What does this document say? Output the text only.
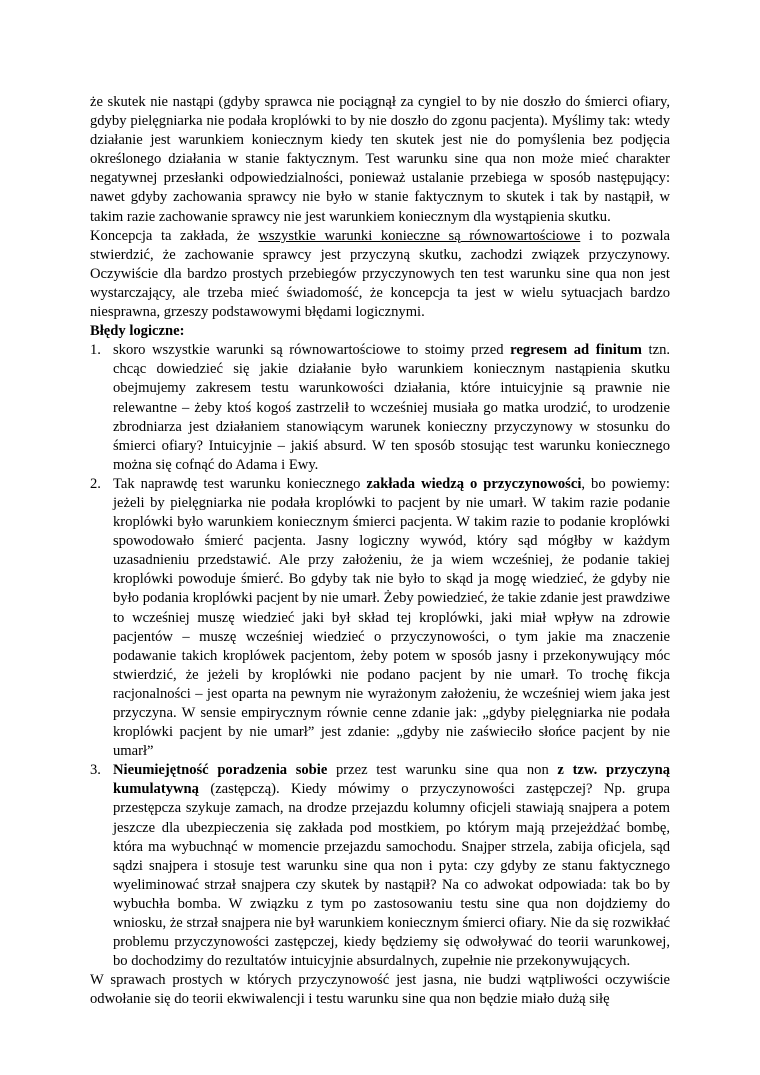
że skutek nie nastąpi (gdyby sprawca nie pociągnął za cyngiel to by nie doszło do śmierci ofiary, gdyby pielęgniarka nie podała kroplówki to by nie doszło do zgonu pacjenta). Myślimy tak: wtedy działanie jest warunkiem koniecznym kiedy ten skutek jest nie do pomyślenia bez podjęcia określonego działania w stanie faktycznym. Test warunku sine qua non może mieć charakter negatywnej przesłanki odpowiedzialności, ponieważ ustalanie przebiega w sposób następujący: nawet gdyby zachowania sprawcy nie było w stanie faktycznym to skutek i tak by nastąpił, w takim razie zachowanie sprawcy nie jest warunkiem koniecznym dla wystąpienia skutku.

Koncepcja ta zakłada, że wszystkie warunki konieczne są równowartościowe i to pozwala stwierdzić, że zachowanie sprawcy jest przyczyną skutku, zachodzi związek przyczynowy. Oczywiście dla bardzo prostych przebiegów przyczynowych ten test warunku sine qua non jest wystarczający, ale trzeba mieć świadomość, że koncepcja ta jest w wielu sytuacjach bardzo niesprawna, grzeszy podstawowymi błędami logicznymi.

Błędy logiczne:

1. skoro wszystkie warunki są równowartościowe to stoimy przed regresem ad finitum tzn. chcąc dowiedzieć się jakie działanie było warunkiem koniecznym nastąpienia skutku obejmujemy zakresem testu warunkowości działania, które intuicyjnie są prawnie nie relewantne – żeby ktoś kogoś zastrzelił to wcześniej musiała go matka urodzić, to urodzenie zbrodniarza jest działaniem stanowiącym warunek konieczny przyczynowy w stosunku do śmierci ofiary? Intuicyjnie – jakiś absurd. W ten sposób stosując test warunku koniecznego można się cofnąć do Adama i Ewy.
2. Tak naprawdę test warunku koniecznego zakłada wiedzą o przyczynowości, bo powiemy: jeżeli by pielęgniarka nie podała kroplówki to pacjent by nie umarł. W takim razie podanie kroplówki było warunkiem koniecznym śmierci pacjenta. W takim razie to podanie kroplówki spowodowało śmierć pacjenta. Jasny logiczny wywód, który sąd mógłby w każdym uzasadnieniu przedstawić. Ale przy założeniu, że ja wiem wcześniej, że podanie takiej kroplówki powoduje śmierć. Bo gdyby tak nie było to skąd ja mogę wiedzieć, że gdyby nie było podania kroplówki pacjent by nie umarł. Żeby powiedzieć, że takie zdanie jest prawdziwe to wcześniej muszę wiedzieć jaki był skład tej kroplówki, jaki miał wpływ na zdrowie pacjentów – muszę wcześniej wiedzieć o przyczynowości, o tym jakie ma znaczenie podawanie takich kroplówek pacjentom, żeby potem w sposób jasny i przekonywujący móc stwierdzić, że jeżeli by kroplówki nie podano pacjent by nie umarł. To trochę fikcja racjonalności – jest oparta na pewnym nie wyrażonym założeniu, że wcześniej wiem jaka jest przyczyna. W sensie empirycznym równie cenne zdanie jak: „gdyby pielęgniarka nie podała kroplówki pacjent by nie umarł” jest zdanie: „gdyby nie zaświeciło słońce pacjent by nie umarł”
3. Nieumiejętność poradzenia sobie przez test warunku sine qua non z tzw. przyczyną kumulatywną (zastępczą). Kiedy mówimy o przyczynowości zastępczej? Np. grupa przestępcza szykuje zamach, na drodze przejazdu kolumny oficjeli stawiają snajpera a potem jeszcze dla ubezpieczenia się zakłada pod mostkiem, po którym mają przejeżdżać bombę, która ma wybuchnąć w momencie przejazdu samochodu. Snajper strzela, zabija oficjela, sąd sądzi snajpera i stosuje test warunku sine qua non i pyta: czy gdyby ze stanu faktycznego wyeliminować strzał snajpera czy skutek by nastąpił? Na co adwokat odpowiada: tak bo by wybuchła bomba. W związku z tym po zastosowaniu testu sine qua non dojdziemy do wniosku, że strzał snajpera nie był warunkiem koniecznym śmierci ofiary. Nie da się rozwikłać problemu przyczynowości zastępczej, kiedy będziemy się odwoływać do teorii warunkowej, bo dochodzimy do rezultatów intuicyjnie absurdalnych, zupełnie nie przekonywujących.

W sprawach prostych w których przyczynowość jest jasna, nie budzi wątpliwości oczywiście odwołanie się do teorii ekwiwalencji i testu warunku sine qua non będzie miało dużą siłę
